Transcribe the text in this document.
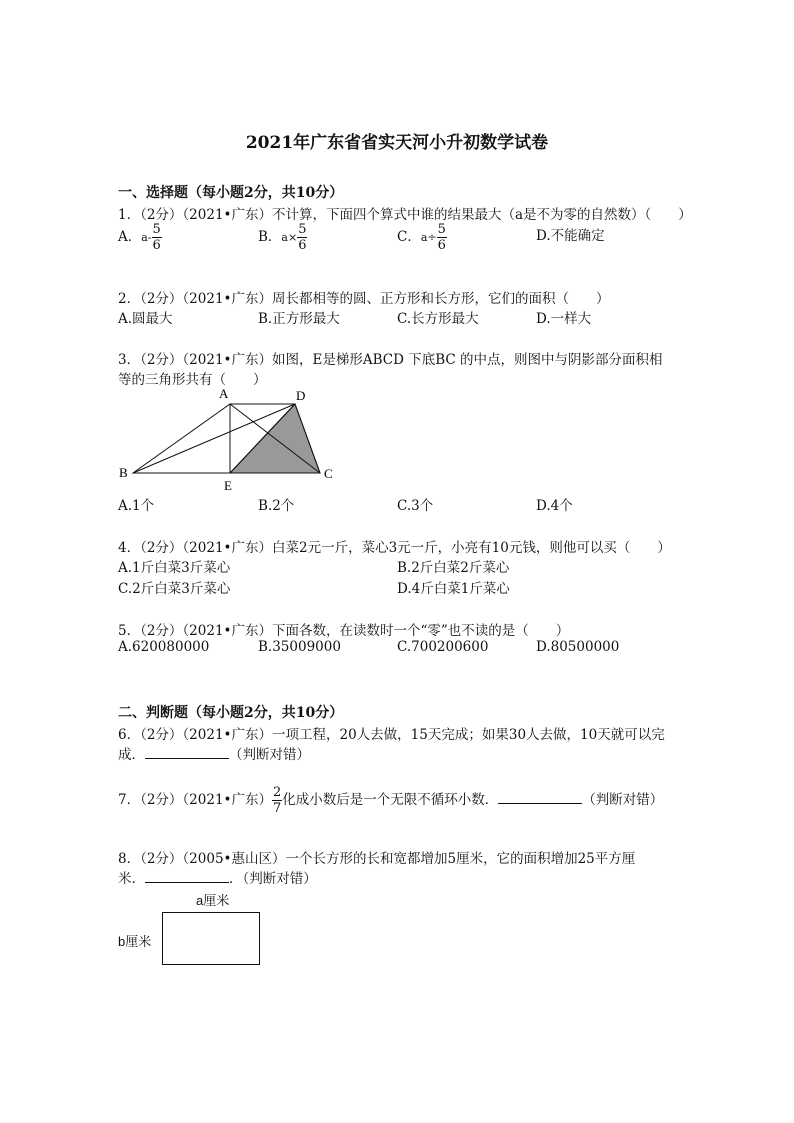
2021年广东省省实天河小升初数学试卷
一、选择题（每小题2分，共10分）
1．（2分）（2021•广东）不计算，下面四个算式中谁的结果最大（a是不为零的自然数）（　　）
A．$a- \frac{5}{6}$	B．$a\times \frac{5}{6}$	C．$a\div \frac{5}{6}$	D.不能确定
2．（2分）（2021•广东）周长都相等的圆、正方形和长方形，它们的面积（　　）
A.圆最大	B.正方形最大	C.长方形最大	D.一样大
3．（2分）（2021•广东）如图，E是梯形ABCD 下底BC 的中点，则图中与阴影部分面积相
等的三角形共有（　　）
A	D
B
E
C
A.1个	B.2个	C.3个	D.4个
4．（2分）（2021•广东）白菜2元一斤，菜心3元一斤，小亮有10元钱，则他可以买（　　）
A.1斤白菜3斤菜心	B.2斤白菜2斤菜心
C.2斤白菜3斤菜心	D.4斤白菜1斤菜心
5．（2分）（2021•广东）下面各数，在读数时一个“零”也不读的是（　　）
A.620080000	B.35009000	C.700200600	D.80500000
二、判断题（每小题2分，共10分）
6．（2分）（2021•广东）一项工程，20人去做，15天完成；如果30人去做，10天就可以完
成．	（判断对错）
7．（2分）（2021•广东） $\frac{2}{7}$ 化成小数后是一个无限不循环小数．	（判断对错）
8．（2分）（2005•惠山区）一个长方形的长和宽都增加5厘米，它的面积增加25平方厘
米．	．（判断对错）
a厘米
b厘米
